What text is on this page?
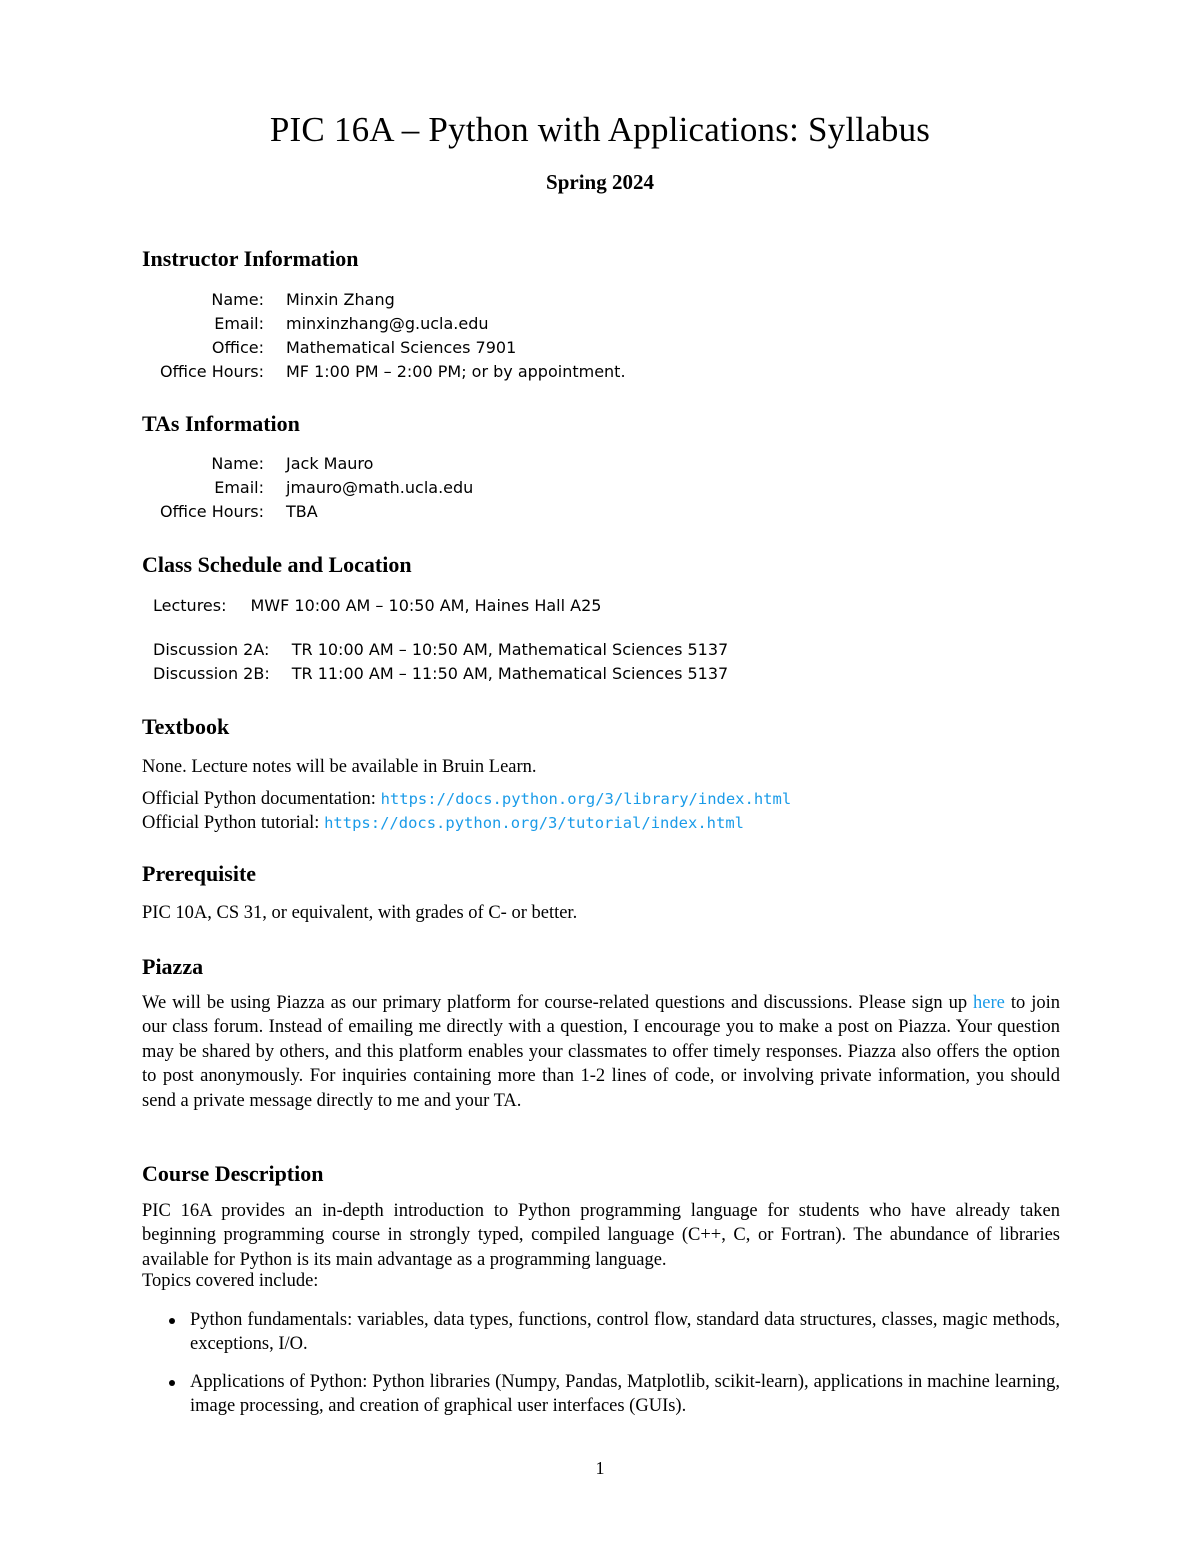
PIC 16A – Python with Applications: Syllabus
Spring 2024
Instructor Information
Name: Minxin Zhang
Email: minxinzhang@g.ucla.edu
Office: Mathematical Sciences 7901
Office Hours: MF 1:00 PM – 2:00 PM; or by appointment.
TAs Information
Name: Jack Mauro
Email: jmauro@math.ucla.edu
Office Hours: TBA
Class Schedule and Location
Lectures: MWF 10:00 AM – 10:50 AM, Haines Hall A25
Discussion 2A: TR 10:00 AM – 10:50 AM, Mathematical Sciences 5137
Discussion 2B: TR 11:00 AM – 11:50 AM, Mathematical Sciences 5137
Textbook
None. Lecture notes will be available in Bruin Learn.
Official Python documentation: https://docs.python.org/3/library/index.html
Official Python tutorial: https://docs.python.org/3/tutorial/index.html
Prerequisite
PIC 10A, CS 31, or equivalent, with grades of C- or better.
Piazza
We will be using Piazza as our primary platform for course-related questions and discussions. Please sign up here to join our class forum. Instead of emailing me directly with a question, I encourage you to make a post on Piazza. Your question may be shared by others, and this platform enables your classmates to offer timely responses. Piazza also offers the option to post anonymously. For inquiries containing more than 1-2 lines of code, or involving private information, you should send a private message directly to me and your TA.
Course Description
PIC 16A provides an in-depth introduction to Python programming language for students who have already taken beginning programming course in strongly typed, compiled language (C++, C, or Fortran). The abundance of libraries available for Python is its main advantage as a programming language.
Topics covered include:
Python fundamentals: variables, data types, functions, control flow, standard data structures, classes, magic methods, exceptions, I/O.
Applications of Python: Python libraries (Numpy, Pandas, Matplotlib, scikit-learn), applications in machine learning, image processing, and creation of graphical user interfaces (GUIs).
1
